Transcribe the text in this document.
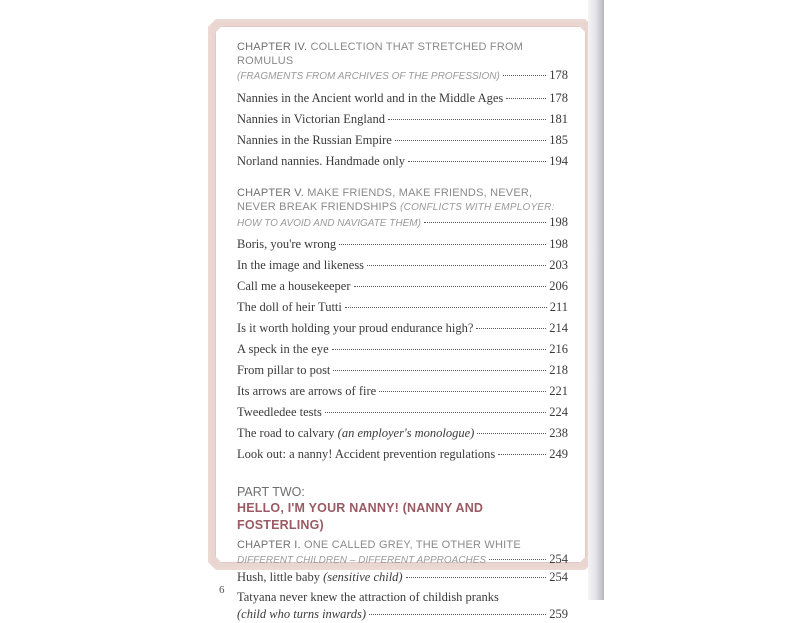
CHAPTER IV. COLLECTION THAT STRETCHED FROM ROMULUS
(FRAGMENTS FROM ARCHIVES OF THE PROFESSION)	178
Nannies in the Ancient world and in the Middle Ages	178
Nannies in Victorian England	181
Nannies in the Russian Empire	185
Norland nannies. Handmade only	194
CHAPTER V. MAKE FRIENDS, MAKE FRIENDS, NEVER,
NEVER BREAK FRIENDSHIPS (CONFLICTS WITH EMPLOYER:
HOW TO AVOID AND NAVIGATE THEM)	198
Boris, you're wrong	198
In the image and likeness	203
Call me a housekeeper	206
The doll of heir Tutti	211
Is it worth holding your proud endurance high?	214
A speck in the eye	216
From pillar to post	218
Its arrows are arrows of fire	221
Tweedledee tests	224
The road to calvary (an employer's monologue)	238
Look out: a nanny! Accident prevention regulations	249
PART TWO:
HELLO, I'M YOUR NANNY! (NANNY AND FOSTERLING)
CHAPTER I. ONE CALLED GREY, THE OTHER WHITE
DIFFERENT CHILDREN – DIFFERENT APPROACHES	254
Hush, little baby (sensitive child)	254
Tatyana never knew the attraction of childish pranks
(child who turns inwards)	259
6
